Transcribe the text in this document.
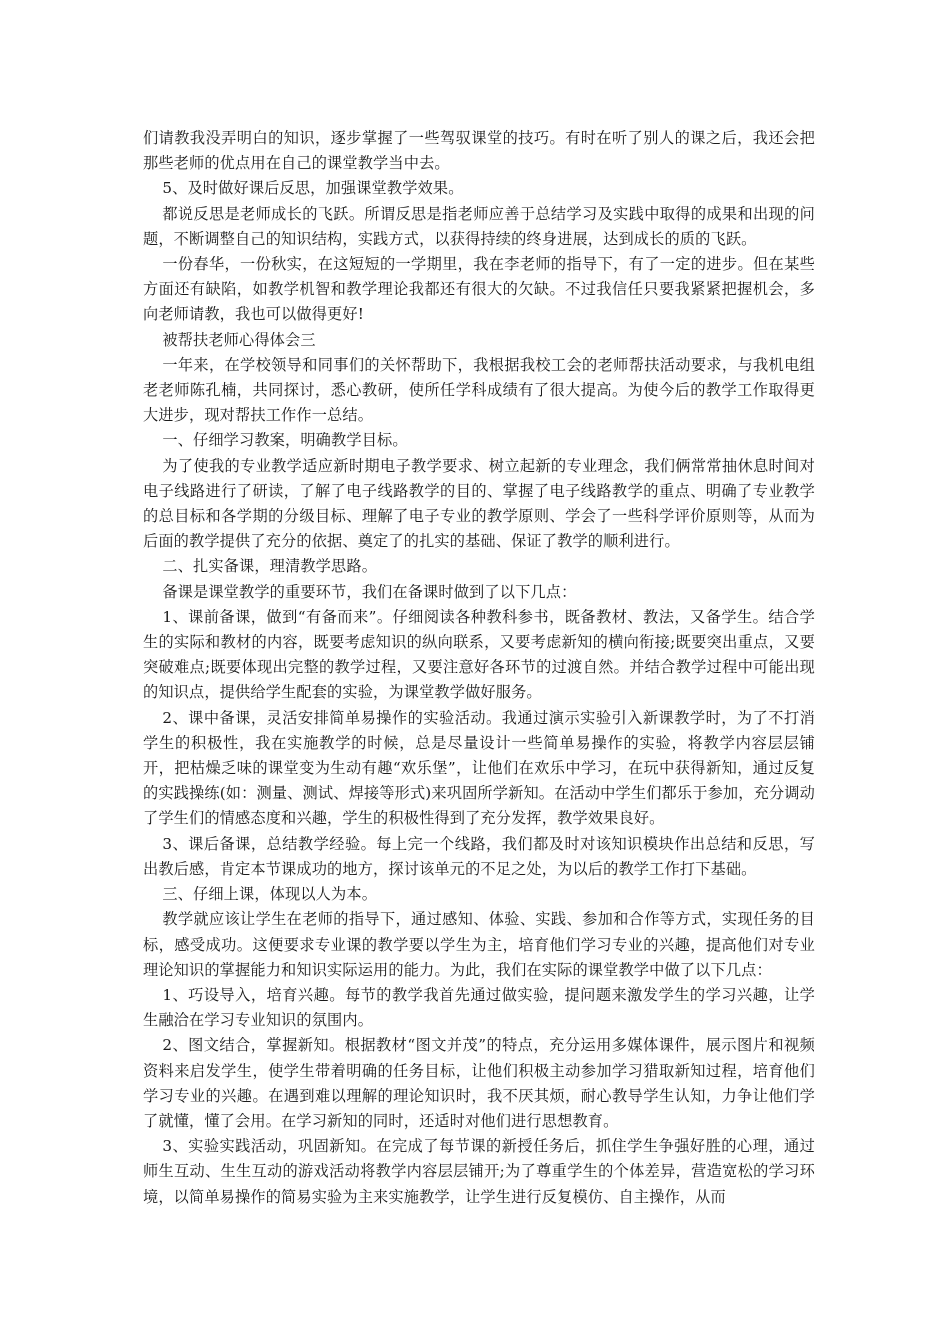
们请教我没弄明白的知识，逐步掌握了一些驾驭课堂的技巧。有时在听了别人的课之后，我还会把那些老师的优点用在自己的课堂教学当中去。

5、及时做好课后反思，加强课堂教学效果。

都说反思是老师成长的飞跃。所谓反思是指老师应善于总结学习及实践中取得的成果和出现的问题，不断调整自己的知识结构，实践方式，以获得持续的终身进展，达到成长的质的飞跃。

一份春华，一份秋实，在这短短的一学期里，我在李老师的指导下，有了一定的进步。但在某些方面还有缺陷，如教学机智和教学理论我都还有很大的欠缺。不过我信任只要我紧紧把握机会，多向老师请教，我也可以做得更好!

被帮扶老师心得体会三

一年来，在学校领导和同事们的关怀帮助下，我根据我校工会的老师帮扶活动要求，与我机电组老老师陈孔楠，共同探讨，悉心教研，使所任学科成绩有了很大提高。为使今后的教学工作取得更大进步，现对帮扶工作作一总结。

一、仔细学习教案，明确教学目标。

为了使我的专业教学适应新时期电子教学要求、树立起新的专业理念，我们俩常常抽休息时间对电子线路进行了研读，了解了电子线路教学的目的、掌握了电子线路教学的重点、明确了专业教学的总目标和各学期的分级目标、理解了电子专业的教学原则、学会了一些科学评价原则等，从而为后面的教学提供了充分的依据、奠定了的扎实的基础、保证了教学的顺利进行。

二、扎实备课，理清教学思路。

备课是课堂教学的重要环节，我们在备课时做到了以下几点：

1、课前备课，做到“有备而来”。仔细阅读各种教科参书，既备教材、教法，又备学生。结合学生的实际和教材的内容，既要考虑知识的纵向联系，又要考虑新知的横向衔接;既要突出重点，又要突破难点;既要体现出完整的教学过程，又要注意好各环节的过渡自然。并结合教学过程中可能出现的知识点，提供给学生配套的实验，为课堂教学做好服务。

2、课中备课，灵活安排简单易操作的实验活动。我通过演示实验引入新课教学时，为了不打消学生的积极性，我在实施教学的时候，总是尽量设计一些简单易操作的实验，将教学内容层层铺开，把枯燥乏味的课堂变为生动有趣“欢乐堡”，让他们在欢乐中学习，在玩中获得新知，通过反复的实践操练(如：测量、测试、焊接等形式)来巩固所学新知。在活动中学生们都乐于参加，充分调动了学生们的情感态度和兴趣，学生的积极性得到了充分发挥，教学效果良好。

3、课后备课，总结教学经验。每上完一个线路，我们都及时对该知识模块作出总结和反思，写出教后感，肯定本节课成功的地方，探讨该单元的不足之处，为以后的教学工作打下基础。

三、仔细上课，体现以人为本。

教学就应该让学生在老师的指导下，通过感知、体验、实践、参加和合作等方式，实现任务的目标，感受成功。这便要求专业课的教学要以学生为主，培育他们学习专业的兴趣，提高他们对专业理论知识的掌握能力和知识实际运用的能力。为此，我们在实际的课堂教学中做了以下几点：

1、巧设导入，培育兴趣。每节的教学我首先通过做实验，提问题来激发学生的学习兴趣，让学生融洽在学习专业知识的氛围内。

2、图文结合，掌握新知。根据教材“图文并茂”的特点，充分运用多媒体课件，展示图片和视频资料来启发学生，使学生带着明确的任务目标，让他们积极主动参加学习猎取新知过程，培育他们学习专业的兴趣。在遇到难以理解的理论知识时，我不厌其烦，耐心教导学生认知，力争让他们学了就懂，懂了会用。在学习新知的同时，还适时对他们进行思想教育。

3、实验实践活动，巩固新知。在完成了每节课的新授任务后，抓住学生争强好胜的心理，通过师生互动、生生互动的游戏活动将教学内容层层铺开;为了尊重学生的个体差异，营造宽松的学习环境，以简单易操作的简易实验为主来实施教学，让学生进行反复模仿、自主操作，从而
